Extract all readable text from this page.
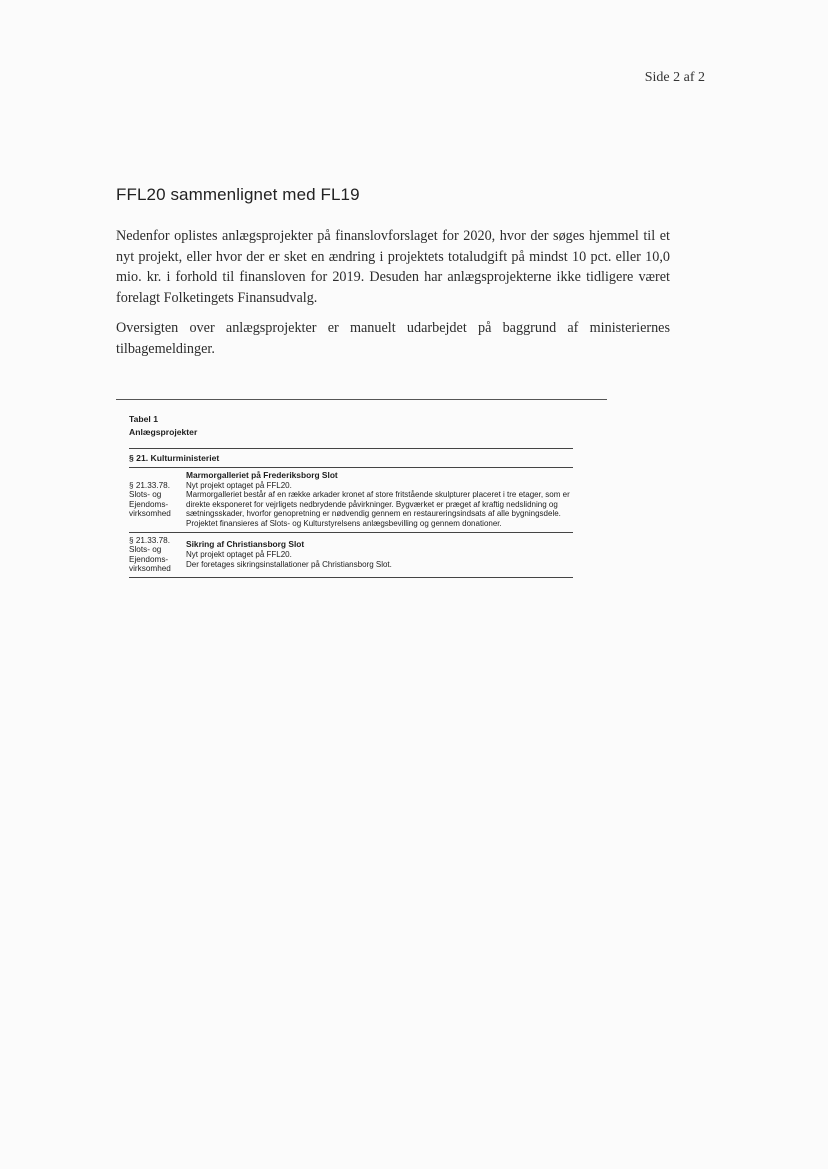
Side 2 af 2
FFL20 sammenlignet med FL19

Nedenfor oplistes anlægsprojekter på finanslovforslaget for 2020, hvor der søges hjemmel til et nyt projekt, eller hvor der er sket en ændring i projektets totaludgift på mindst 10 pct. eller 10,0 mio. kr. i forhold til finansloven for 2019. Desuden har anlægsprojekterne ikke tidligere været forelagt Folketingets Finansudvalg.

Oversigten over anlægsprojekter er manuelt udarbejdet på baggrund af ministeriernes tilbagemeldinger.

Tabel 1
Anlægsprojekter
§ 21. Kulturministeriet
§ 21.33.78.
Slots- og
Ejendoms-
virksomhed
Marmorgalleriet på Frederiksborg Slot
Nyt projekt optaget på FFL20.
Marmorgalleriet består af en række arkader kronet af store fritstående skulpturer placeret i tre etager, som er direkte eksponeret for vejrligets nedbrydende påvirkninger. Bygværket er præget af kraftig nedslidning og sætningsskader, hvorfor genopretning er nødvendig gennem en restaureringsindsats af alle bygningsdele. Projektet finansieres af Slots- og Kulturstyrelsens anlægsbevilling og gennem donationer.
§ 21.33.78.
Slots- og
Ejendoms-
virksomhed
Sikring af Christiansborg Slot
Nyt projekt optaget på FFL20.
Der foretages sikringsinstallationer på Christiansborg Slot.
